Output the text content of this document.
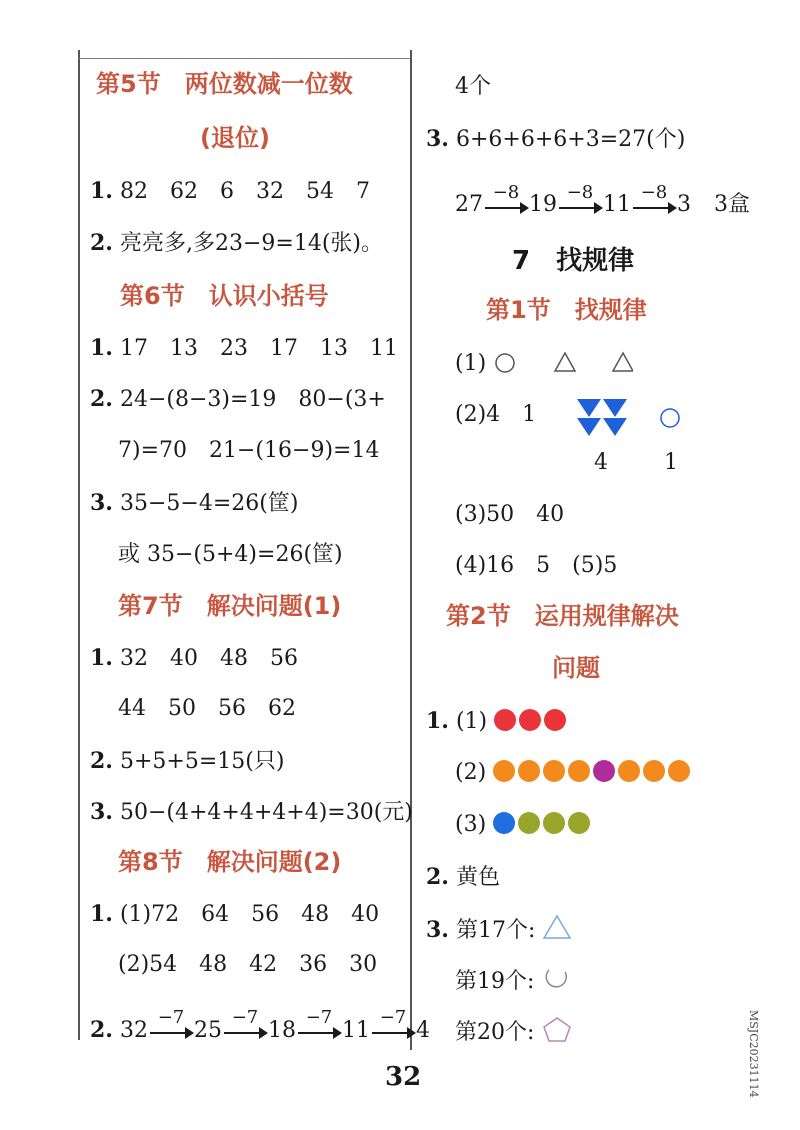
第5节　两位数减一位数
(退位)
1. 82　62　6　32　54　7
2. 亮亮多,多23−9=14(张)。
第6节　认识小括号
1. 17　13　23　17　13　11
2. 24−(8−3)=19　80−(3+
7)=70　21−(16−9)=14
3. 35−5−4=26(筐)
或 35−(5+4)=26(筐)
第7节　解决问题(1)
1. 32　40　48　56
44　50　56　62
2. 5+5+5=15(只)
3. 50−(4+4+4+4+4)=30(元)
第8节　解决问题(2)
1. (1)72　64　56　48　40
(2)54　48　42　36　30
2. 32
−7
25
−7
18
−7
11
−7
4
4个
3. 6+6+6+6+3=27(个)
27 −8 19 −8 11 −8 3 3盒
7　找规律
第1节　找规律
(1)
(2)4　1
4	1
(3)50　40
(4)16　5　(5)5
第2节　运用规律解决
问题
1. (1)
(2)
(3)
2. 黄色
3. 第17个:
第19个:
第20个:
32	MSJC20231114
